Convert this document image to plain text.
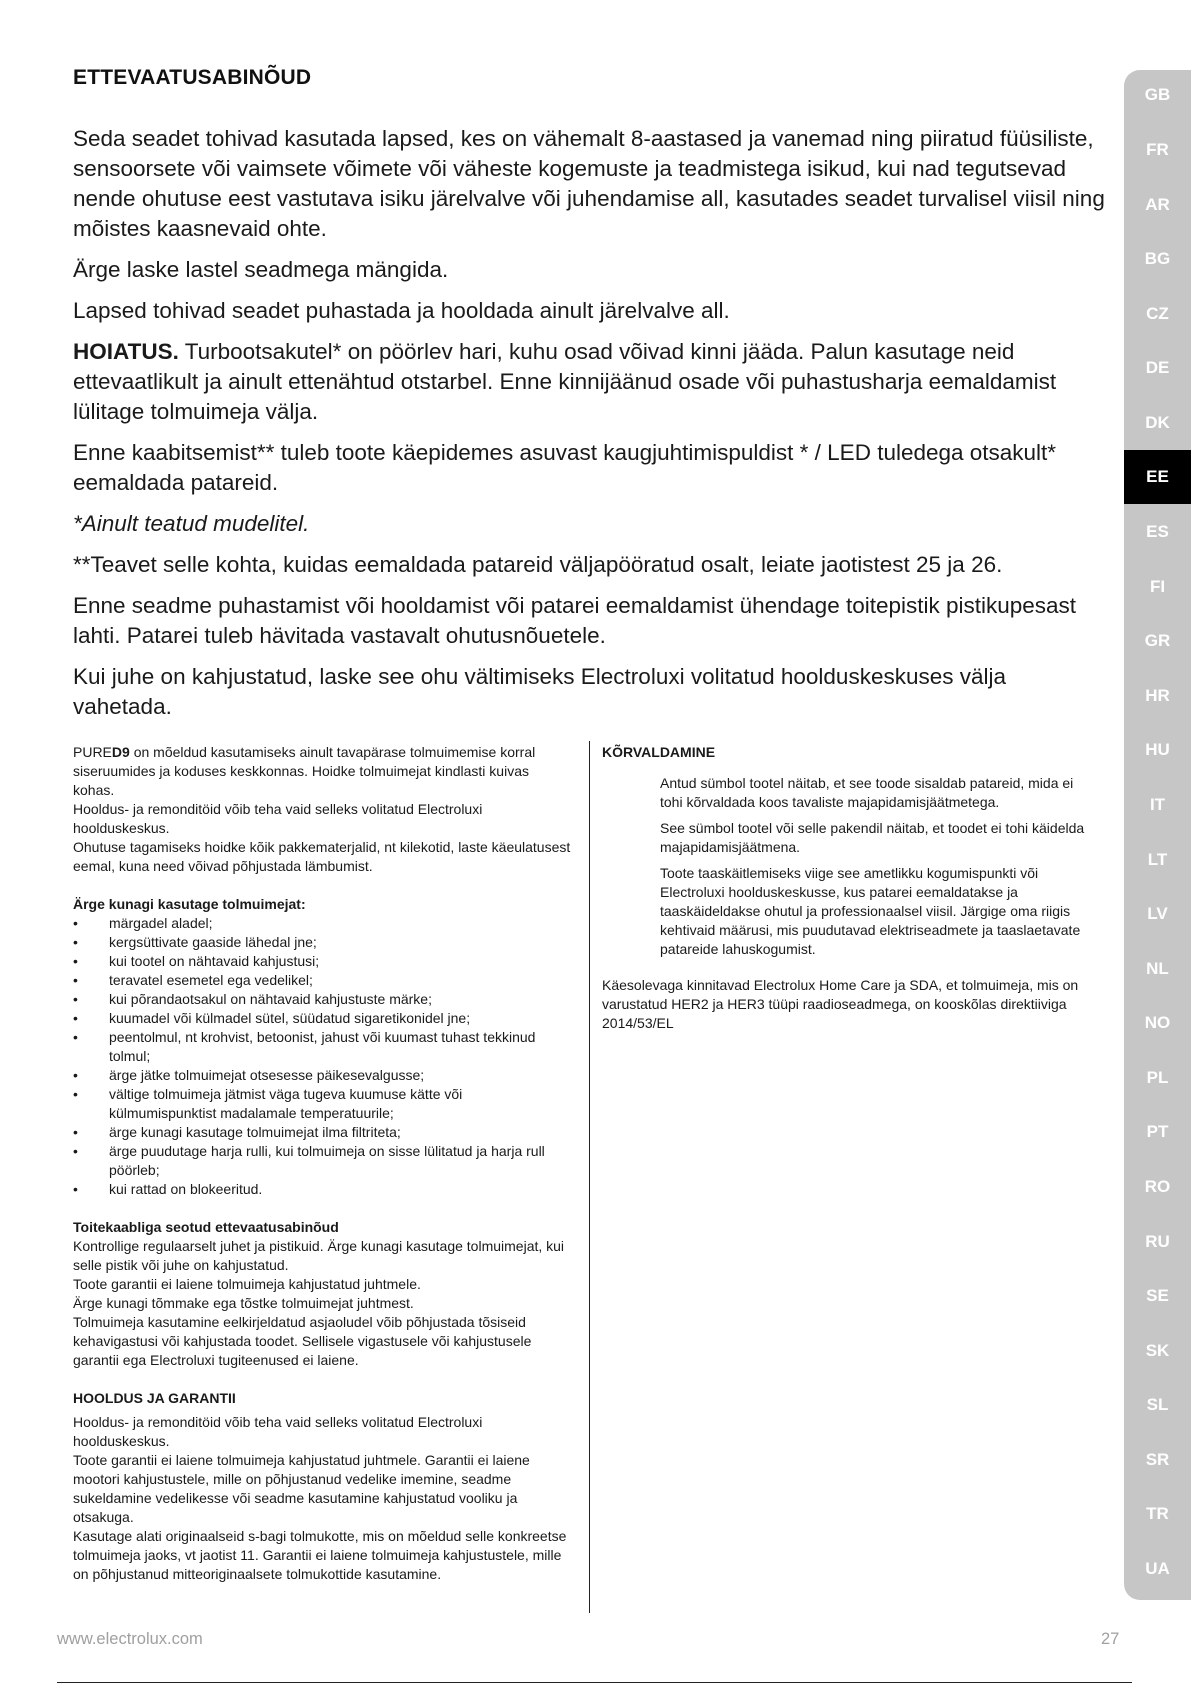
ETTEVAATUSABINÕUD

Seda seadet tohivad kasutada lapsed, kes on vähemalt 8-aastased ja vanemad ning piiratud füüsiliste, sensoorsete või vaimsete võimete või väheste kogemuste ja teadmistega isikud, kui nad tegutsevad nende ohutuse eest vastutava isiku järelvalve või juhendamise all, kasutades seadet turvalisel viisil ning mõistes kaasnevaid ohte.

Ärge laske lastel seadmega mängida.

Lapsed tohivad seadet puhastada ja hooldada ainult järelvalve all.

HOIATUS. Turbootsakutel* on pöörlev hari, kuhu osad võivad kinni jääda. Palun kasutage neid ettevaatlikult ja ainult ettenähtud otstarbel. Enne kinnijäänud osade või puhastusharja eemaldamist lülitage tolmuimeja välja.

Enne kaabitsemist** tuleb toote käepidemes asuvast kaugjuhtimispuldist * / LED tuledega otsakult* eemaldada patareid.

*Ainult teatud mudelitel.

**Teavet selle kohta, kuidas eemaldada patareid väljapööratud osalt, leiate jaotistest 25 ja 26.

Enne seadme puhastamist või hooldamist või patarei eemaldamist ühendage toitepistik pistikupesast lahti. Patarei tuleb hävitada vastavalt ohutusnõuetele.

Kui juhe on kahjustatud, laske see ohu vältimiseks Electroluxi volitatud hoolduskeskuses välja vahetada.

PURED9 on mõeldud kasutamiseks ainult tavapärase tolmuimemise korral siseruumides ja koduses keskkonnas. Hoidke tolmuimejat kindlasti kuivas kohas.

Hooldus- ja remonditöid võib teha vaid selleks volitatud Electroluxi hoolduskeskus.

Ohutuse tagamiseks hoidke kõik pakkematerjalid, nt kilekotid, laste käeulatusest eemal, kuna need võivad põhjustada lämbumist.

Ärge kunagi kasutage tolmuimejat:

• märgadel aladel;
• kergsüttivate gaaside lähedal jne;
• kui tootel on nähtavaid kahjustusi;
• teravatel esemetel ega vedelikel;
• kui põrandaotsakul on nähtavaid kahjustuste märke;
• kuumadel või külmadel sütel, süüdatud sigaretikonidel jne;
• peentolmul, nt krohvist, betoonist, jahust või kuumast tuhast tekkinud tolmul;
• ärge jätke tolmuimejat otsesesse päikesevalgusse;
• vältige tolmuimeja jätmist väga tugeva kuumuse kätte või külmumispunktist madalamale temperatuurile;
• ärge kunagi kasutage tolmuimejat ilma filtriteta;
• ärge puudutage harja rulli, kui tolmuimeja on sisse lülitatud ja harja rull pöörleb;
• kui rattad on blokeeritud.

Toitekaabliga seotud ettevaatusabinõud

Kontrollige regulaarselt juhet ja pistikuid. Ärge kunagi kasutage tolmuimejat, kui selle pistik või juhe on kahjustatud.

Toote garantii ei laiene tolmuimeja kahjustatud juhtmele.

Ärge kunagi tõmmake ega tõstke tolmuimejat juhtmest.

Tolmuimeja kasutamine eelkirjeldatud asjaoludel võib põhjustada tõsiseid kehavigastusi või kahjustada toodet. Sellisele vigastusele või kahjustusele garantii ega Electroluxi tugiteenused ei laiene.

HOOLDUS JA GARANTII

Hooldus- ja remonditöid võib teha vaid selleks volitatud Electroluxi hoolduskeskus.

Toote garantii ei laiene tolmuimeja kahjustatud juhtmele. Garantii ei laiene mootori kahjustustele, mille on põhjustanud vedelike imemine, seadme sukeldamine vedelikesse või seadme kasutamine kahjustatud vooliku ja otsakuga.

Kasutage alati originaalseid s-bagi tolmukotte, mis on mõeldud selle konkreetse tolmuimeja jaoks, vt jaotist 11. Garantii ei laiene tolmuimeja kahjustustele, mille on põhjustanud mitteoriginaalsete tolmukottide kasutamine.

KÕRVALDAMINE

Antud sümbol tootel näitab, et see toode sisaldab patareid, mida ei tohi kõrvaldada koos tavaliste majapidamisjäätmetega.

See sümbol tootel või selle pakendil näitab, et toodet ei tohi käidelda majapidamisjäätmena.

Toote taaskäitlemiseks viige see ametlikku kogumispunkti või Electroluxi hoolduskeskusse, kus patarei eemaldatakse ja taaskäideldakse ohutul ja professionaalsel viisil. Järgige oma riigis kehtivaid määrusi, mis puudutavad elektriseadmete ja taaslaetavate patareide lahuskogumist.

Käesolevaga kinnitavad Electrolux Home Care ja SDA, et tolmuimeja, mis on varustatud HER2 ja HER3 tüüpi raadioseadmega, on kooskõlas direktiiviga 2014/53/EL

www.electrolux.com	27
GB
FR
AR
BG
CZ
DE
DK
EE
ES
FI
GR
HR
HU
IT
LT
LV
NL
NO
PL
PT
RO
RU
SE
SK
SL
SR
TR
UA
